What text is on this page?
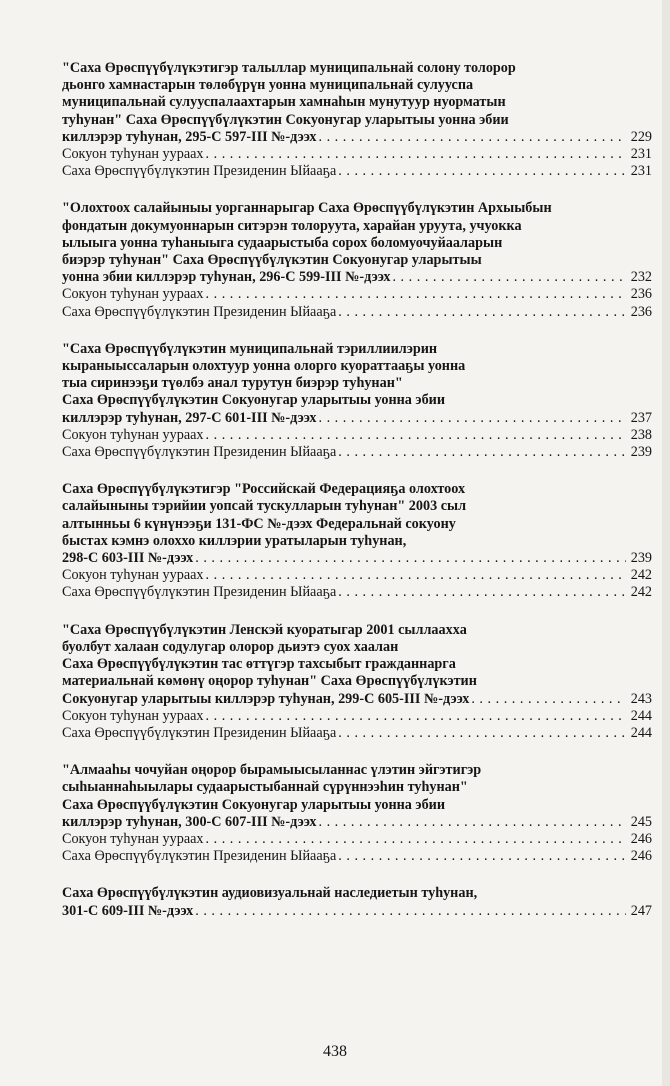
"Саха Өрөспүүбүлүкэтигэр талыллар муниципальнай солону толорор
дьонго хамнастарын төлөбүрүн уонна муниципальнай сулууспа
муниципальнай сулууспалаахтарын хамнаһын мунутуур нуорматын
туһунан" Саха Өрөспүүбүлүкэтин Сокуонугар уларытыы уонна эбии
киллэрэр туһунан, 295-С 597-III №-дээх . . .	229
Сокуон туһунан уураах . . .	231
Саха Өрөспүүбүлүкэтин Президенин Ыйааҕа . . .	231
"Олохтоох салайыныы уорганнарыгар Саха Өрөспүүбүлүкэтин Архыыбын
фондатын докумуоннарын ситэрэн толоруута, харайан уруута, учуокка
ылыыга уонна туһаныыга судаарыстыба сорох боломуочуйааларын
биэрэр туһунан" Саха Өрөспүүбүлүкэтин Сокуонугар уларытыы
уонна эбии киллэрэр туһунан, 296-С 599-III №-дээх . . .	232
Сокуон туһунан уураах . . .	236
Саха Өрөспүүбүлүкэтин Президенин Ыйааҕа . . .	236
"Саха Өрөспүүбүлүкэтин муниципальнай тэриллиилэрин
кыраныыссаларын олохтуур уонна олорго куораттааҕы уонна
тыа сиринээҕи түөлбэ анал турутун биэрэр туһунан"
Саха Өрөспүүбүлүкэтин Сокуонугар уларытыы уонна эбии
киллэрэр туһунан, 297-С 601-III №-дээх . . .	237
Сокуон туһунан уураах . . .	238
Саха Өрөспүүбүлүкэтин Президенин Ыйааҕа . . .	239
Саха Өрөспүүбүлүкэтигэр "Российскай Федерацияҕа олохтоох
салайыныны тэрийии уопсай тускулларын туһунан" 2003 сыл
алтынньы 6 күнүнээҕи 131-ФС №-дээх Федеральнай сокуону
быстах кэмнэ олоххо киллэрии уратыларын туһунан,
298-С 603-III №-дээх . . .	239
Сокуон туһунан уураах . . .	242
Саха Өрөспүүбүлүкэтин Президенин Ыйааҕа . . .	242
"Саха Өрөспүүбүлүкэтин Ленскэй куоратыгар 2001 сыллааххa
буолбут халаан содулугар олорор дьиэтэ суох хаалан
Саха Өрөспүүбүлүкэтин тас өттүгэр тахсыбыт гражданнарга
материальнай көмөнү оңорор туһунан" Саха Өрөспүүбүлүкэтин
Сокуонугар уларытыы киллэрэр туһунан, 299-С 605-III №-дээх . . .	243
Сокуон туһунан уураах . . .	244
Саха Өрөспүүбүлүкэтин Президенин Ыйааҕа . . .	244
"Алмааһы чочуйан оңорор бырамыысыланнас үлэтин эйгэтигэр
сыһыаннаһыылары судаарыстыбаннай сүрүннээһин туһунан"
Саха Өрөспүүбүлүкэтин Сокуонугар уларытыы уонна эбии
киллэрэр туһунан, 300-С 607-III №-дээх . . .	245
Сокуон туһунан уураах . . .	246
Саха Өрөспүүбүлүкэтин Президенин Ыйааҕа . . .	246
Саха Өрөспүүбүлүкэтин аудиовизуальнай наследиетын туһунан,
301-С 609-III №-дээх . . .	247
438
